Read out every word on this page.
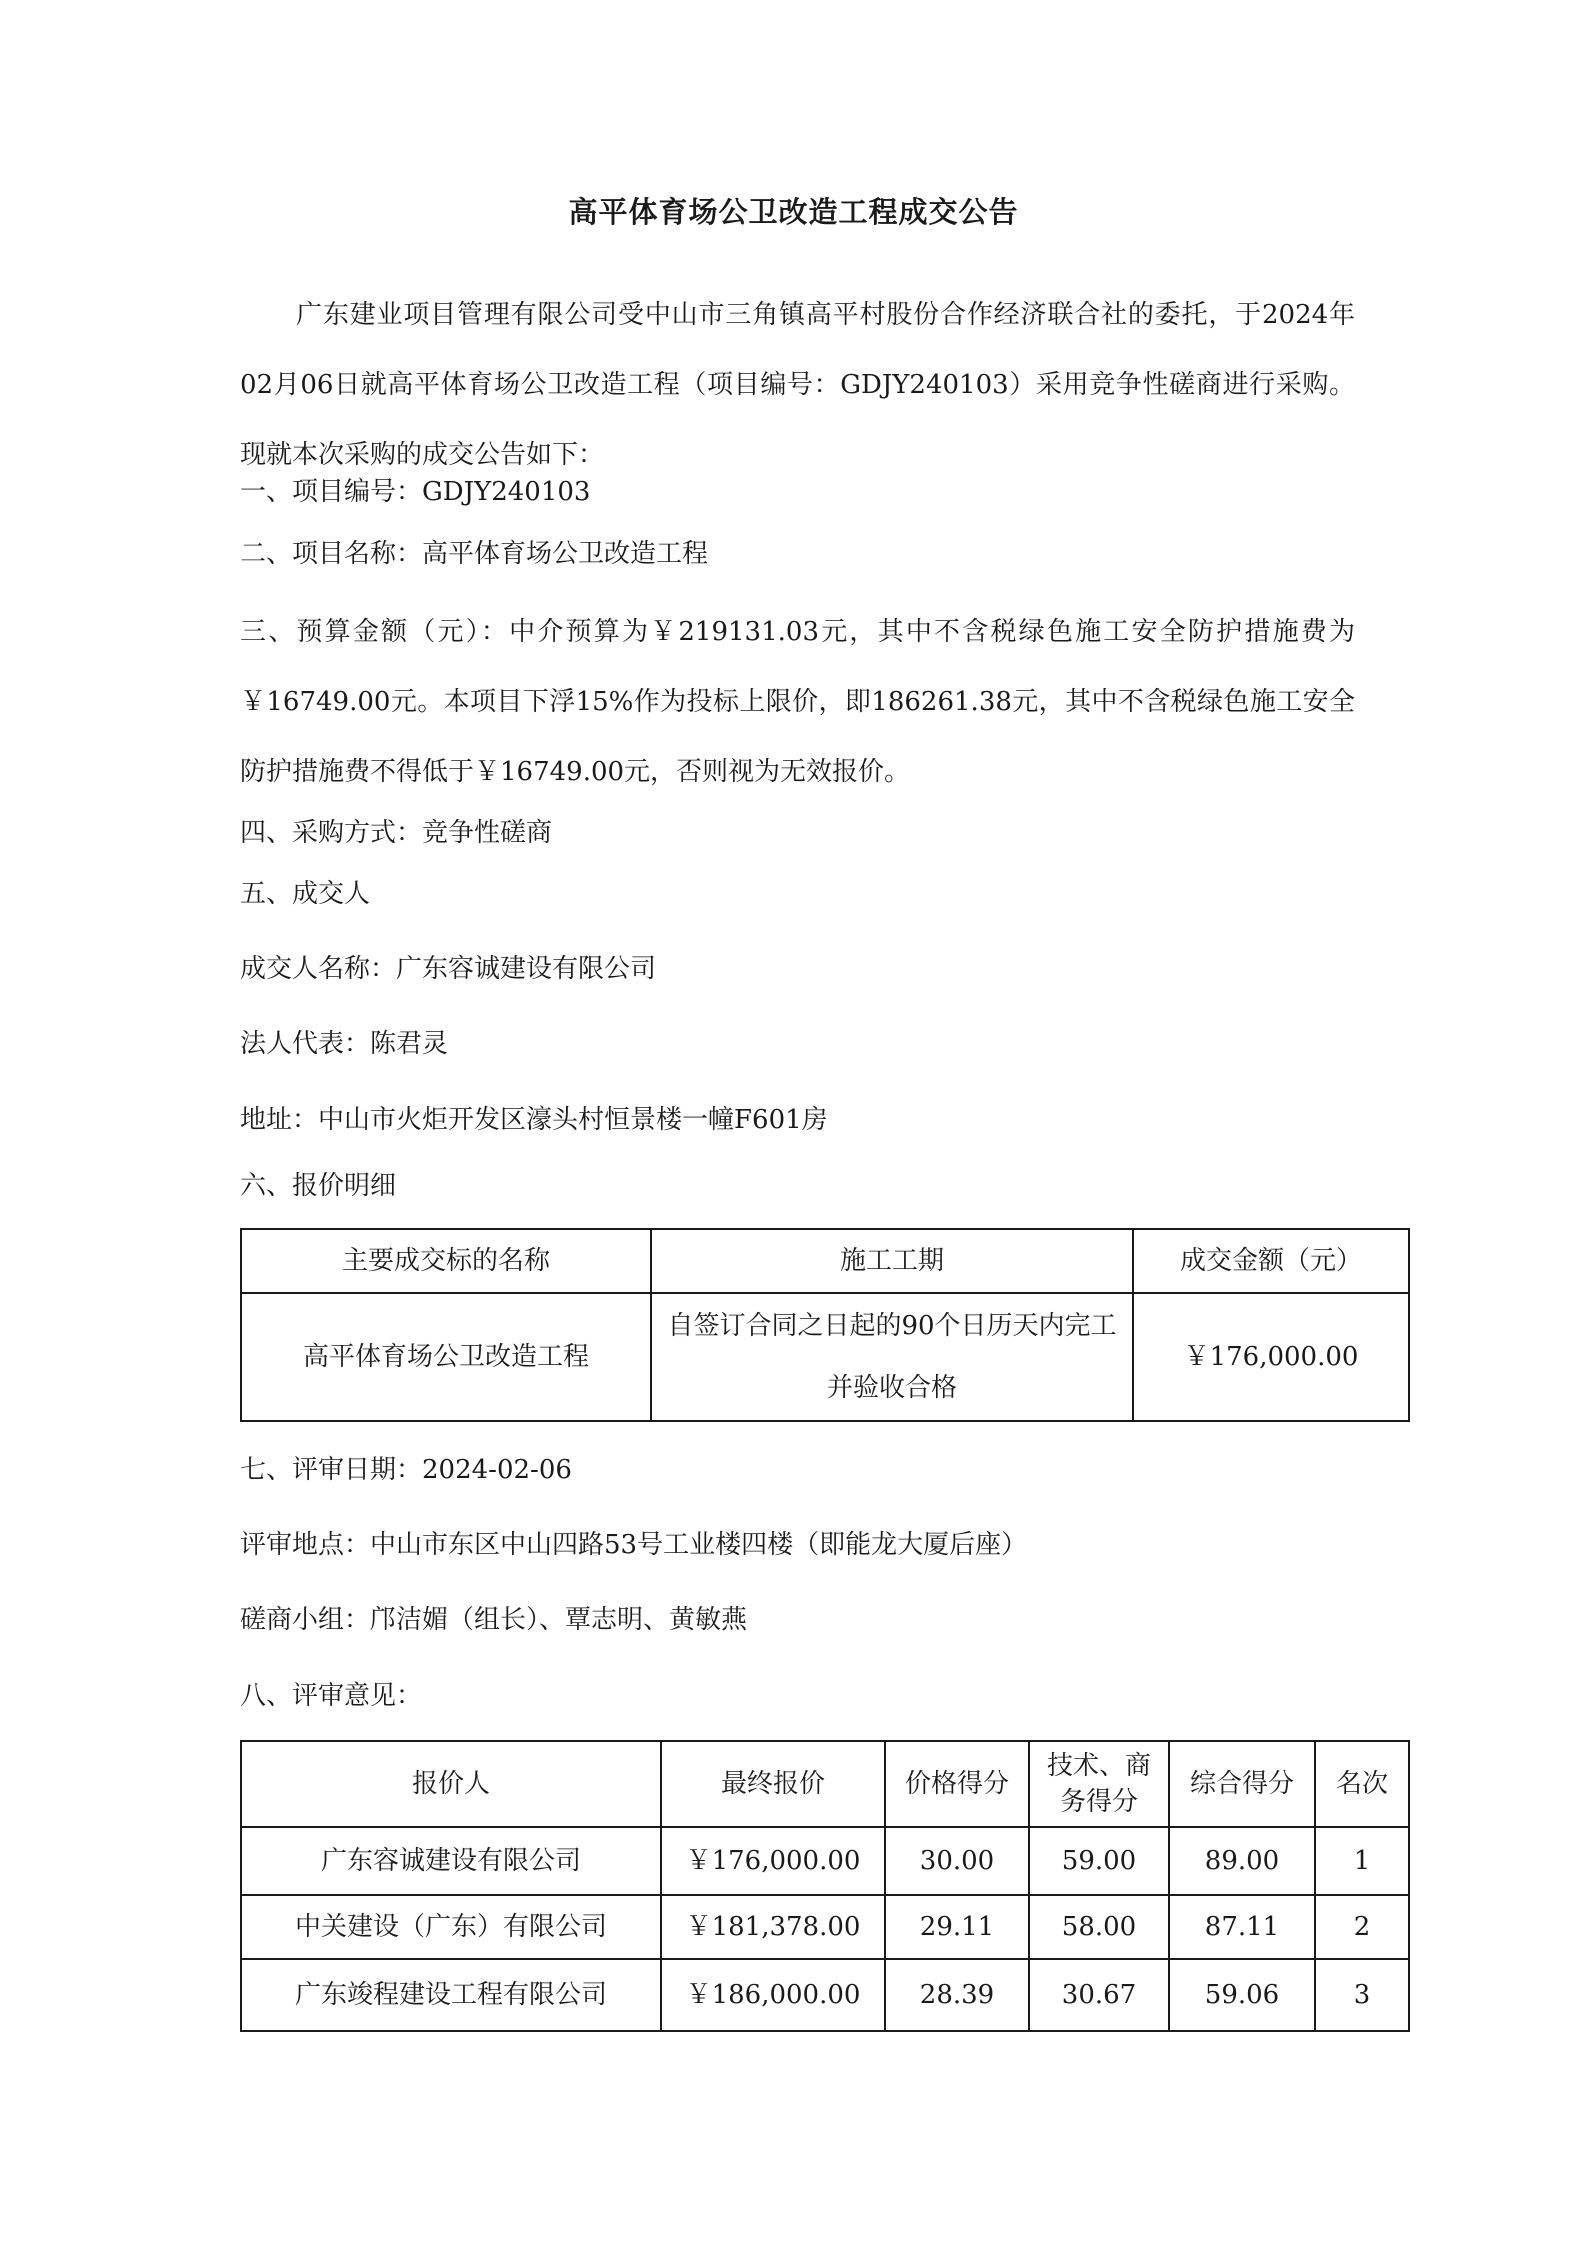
高平体育场公卫改造工程成交公告
广东建业项目管理有限公司受中山市三角镇高平村股份合作经济联合社的委托，于2024年02月06日就高平体育场公卫改造工程（项目编号：GDJY240103）采用竞争性磋商进行采购。现就本次采购的成交公告如下：
一、项目编号：GDJY240103
二、项目名称：高平体育场公卫改造工程
三、预算金额（元）：中介预算为￥219131.03元，其中不含税绿色施工安全防护措施费为￥16749.00元。本项目下浮15%作为投标上限价，即186261.38元，其中不含税绿色施工安全防护措施费不得低于￥16749.00元，否则视为无效报价。
四、采购方式：竞争性磋商
五、成交人
成交人名称：广东容诚建设有限公司
法人代表：陈君灵
地址：中山市火炬开发区濠头村恒景楼一幢F601房
六、报价明细
主要成交标的名称	施工工期	成交金额（元）
高平体育场公卫改造工程	自签订合同之日起的90个日历天内完工并验收合格	￥176,000.00
七、评审日期：2024-02-06
评审地点：中山市东区中山四路53号工业楼四楼（即能龙大厦后座）
磋商小组：邝洁媚（组长）、覃志明、黄敏燕
八、评审意见：
报价人	最终报价	价格得分	技术、商务得分	综合得分	名次
广东容诚建设有限公司	￥176,000.00	30.00	59.00	89.00	1
中关建设（广东）有限公司	￥181,378.00	29.11	58.00	87.11	2
广东竣程建设工程有限公司	￥186,000.00	28.39	30.67	59.06	3
